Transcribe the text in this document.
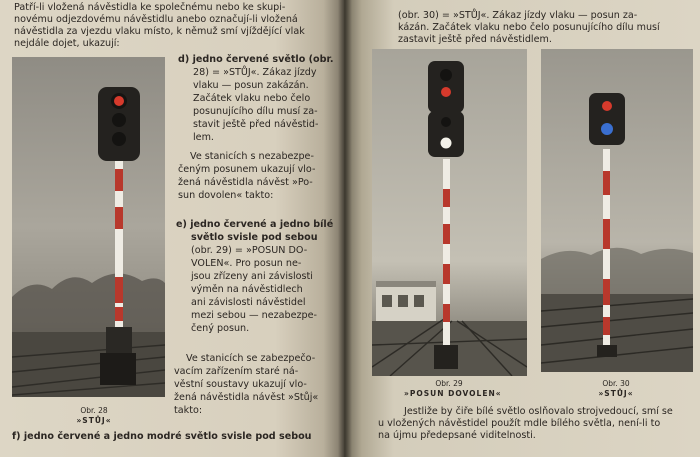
Patří-li vložená návěstidla ke společnému nebo ke skupi-
novému odjezdovému návěstidlu anebo označují-li vložená
návěstidla za vjezdu vlaku místo, k němuž smí vjíždějící vlak
nejdále dojet, ukazují:
Obr. 28
»STŮJ«
d) jedno červené světlo (obr.
28) = »STŮJ«. Zákaz jízdy
vlaku — posun zakázán.
Začátek vlaku nebo čelo
posunujícího dílu musí za-
stavit ještě před návěstid-
lem.
Ve stanicích s nezabezpe-
čeným posunem ukazují vlo-
žená návěstidla návěst »Po-
sun dovolen« takto:
e) jedno červené a jedno bílé
světlo svisle pod sebou
(obr. 29) = »POSUN DO-
VOLEN«. Pro posun ne-
jsou zřízeny ani závislosti
výměn na návěstidlech
ani závislosti návěstidel
mezi sebou — nezabezpe-
čený posun.
Ve stanicích se zabezpečo-
vacím zařízením staré ná-
věstní soustavy ukazují vlo-
žená návěstidla návěst »Stůj«
takto:
f) jedno červené a jedno modré světlo svisle pod sebou
(obr. 30) = »STŮJ«. Zákaz jízdy vlaku — posun za-
kázán. Začátek vlaku nebo čelo posunujícího dílu musí
zastavit ještě před návěstidlem.
Obr. 29
»POSUN DOVOLEN«
Obr. 30
»STŮJ«
Jestliže by čiře bílé světlo oslňovalo strojvedoucí, smí se
u vložených návěstidel použít mdle bílého světla, není-li to
na újmu předepsané viditelnosti.
